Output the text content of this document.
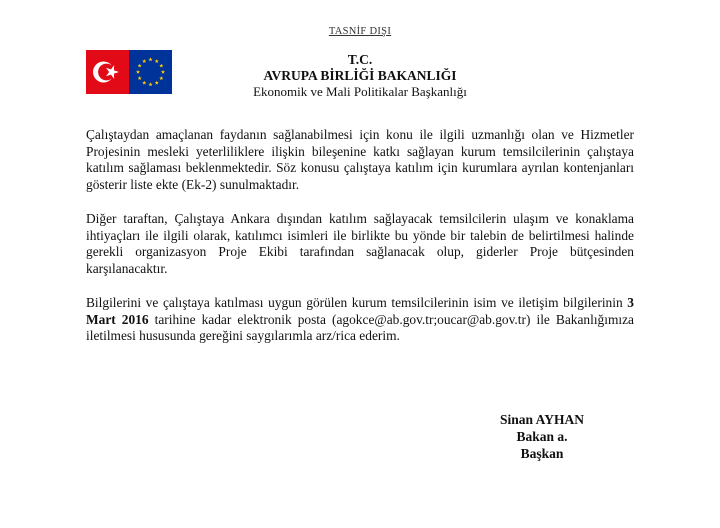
TASNİF DIŞI
T.C.
AVRUPA BİRLİĞİ BAKANLIĞI
Ekonomik ve Mali Politikalar Başkanlığı

Çalıştaydan amaçlanan faydanın sağlanabilmesi için konu ile ilgili uzmanlığı olan ve Hizmetler Projesinin mesleki yeterliliklere ilişkin bileşenine katkı sağlayan kurum temsilcilerinin çalıştaya katılım sağlaması beklenmektedir. Söz konusu çalıştaya katılım için kurumlara ayrılan kontenjanları gösterir liste ekte (Ek-2) sunulmaktadır.

Diğer taraftan, Çalıştaya Ankara dışından katılım sağlayacak temsilcilerin ulaşım ve konaklama ihtiyaçları ile ilgili olarak, katılımcı isimleri ile birlikte bu yönde bir talebin de belirtilmesi halinde gerekli organizasyon Proje Ekibi tarafından sağlanacak olup, giderler Proje bütçesinden karşılanacaktır.

Bilgilerini ve çalıştaya katılması uygun görülen kurum temsilcilerinin isim ve iletişim bilgilerinin 3 Mart 2016 tarihine kadar elektronik posta (agokce@ab.gov.tr;oucar@ab.gov.tr) ile Bakanlığımıza iletilmesi hususunda gereğini saygılarımla arz/rica ederim.

Sinan AYHAN
Bakan a.
Başkan
